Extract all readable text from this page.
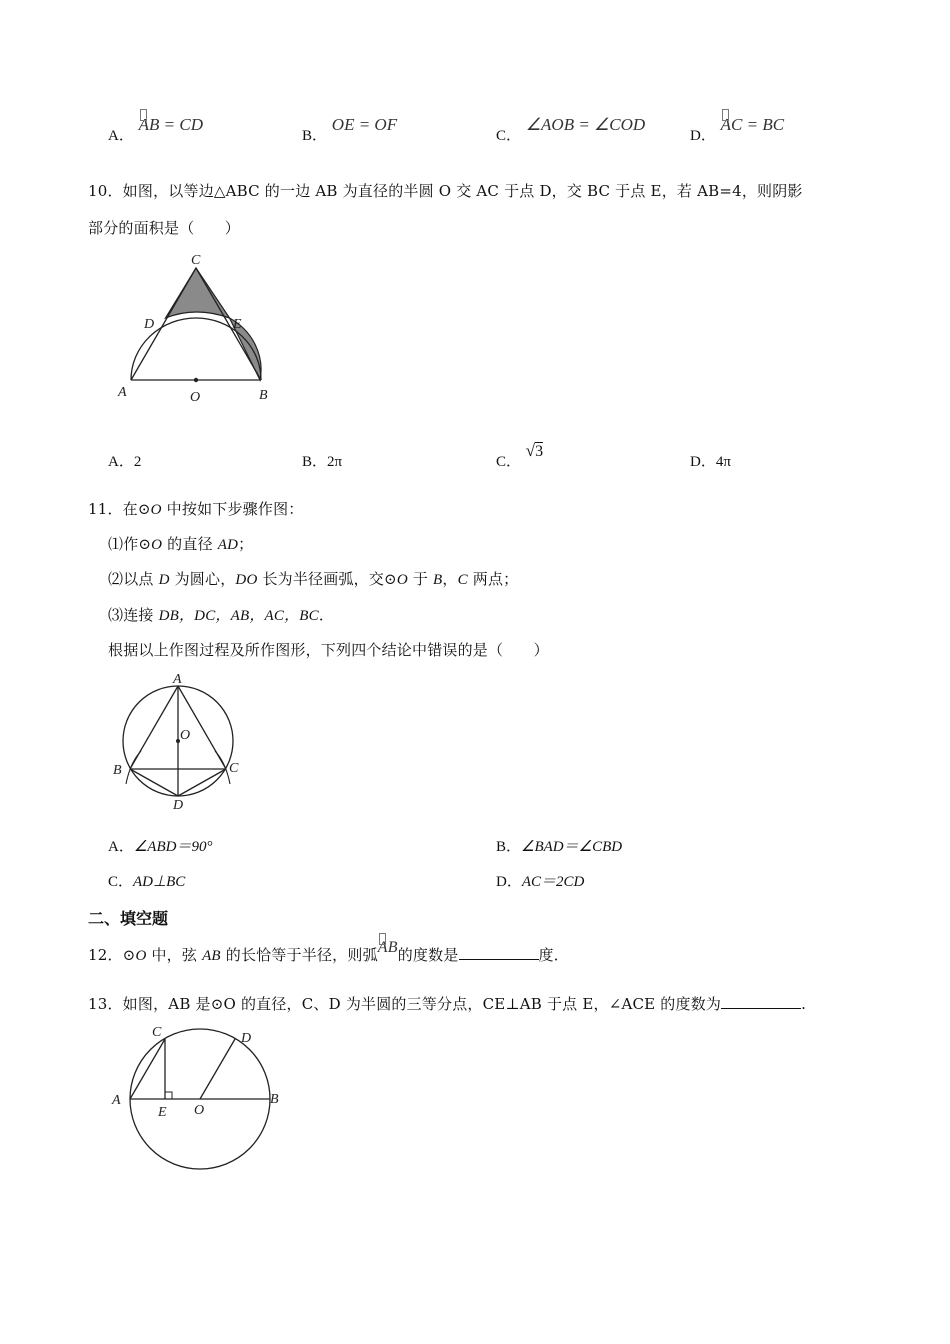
A． AB = CD
B． OE = OF
C． ∠AOB = ∠COD
D． AC = BC
10．如图，以等边△ABC 的一边 AB 为直径的半圆 O 交 AC 于点 D，交 BC 于点 E，若 AB=4，则阴影
部分的面积是（　　）
C
D	E
A	O	B
A．2	B．2π	C． √3
D．4π
11．在⊙O 中按如下步骤作图：
⑴作⊙O 的直径 AD；
⑵以点 D 为圆心，DO 长为半径画弧，交⊙O 于 B，C 两点；
⑶连接 DB，DC，AB，AC，BC．
根据以上作图过程及所作图形，下列四个结论中错误的是（　　）
A
O
B	C
D
A．∠ABD＝90°	B．∠BAD＝∠CBD
C．AD⊥BC	D．AC＝2CD
二、填空题
12．⊙O 中，弦 AB 的长恰等于半径，则弧AB的度数是	度．
13．如图，AB 是⊙O 的直径，C、D 为半圆的三等分点，CE⊥AB 于点 E，∠ACE 的度数为	.
C	D
A	B
E O
